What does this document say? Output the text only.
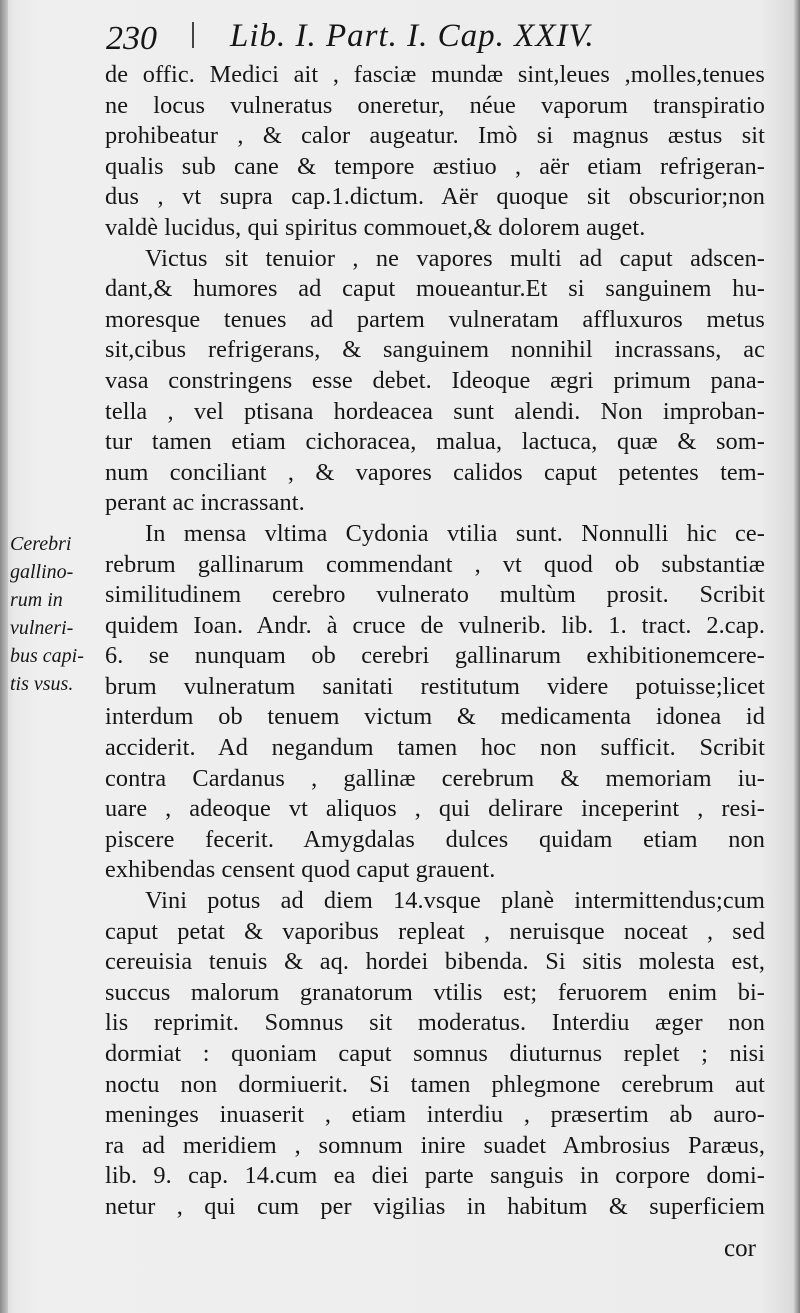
230 Lib. I. Part. I. Cap. XXIV.
Cerebri
gallino-
rum in
vulneri-
bus capi-
tis vsus.
de offic. Medici ait , fasciæ mundæ sint,leues ,molles,tenues
ne locus vulneratus oneretur, néue vaporum transpiratio
prohibeatur , & calor augeatur. Imò si magnus æstus sit
qualis sub cane & tempore æstiuo , aër etiam refrigeran-
dus , vt supra cap.1.dictum. Aër quoque sit obscurior;non
valdè lucidus, qui spiritus commouet,& dolorem auget.
Victus sit tenuior , ne vapores multi ad caput adscen-
dant,& humores ad caput moueantur.Et si sanguinem hu-
moresque tenues ad partem vulneratam affluxuros metus
sit,cibus refrigerans, & sanguinem nonnihil incrassans, ac
vasa constringens esse debet. Ideoque ægri primum pana-
tella , vel ptisana hordeacea sunt alendi. Non improban-
tur tamen etiam cichoracea, malua, lactuca, quæ & som-
num conciliant , & vapores calidos caput petentes tem-
perant ac incrassant.
In mensa vltima Cydonia vtilia sunt. Nonnulli hic ce-
rebrum gallinarum commendant , vt quod ob substantiæ
similitudinem cerebro vulnerato multùm prosit. Scribit
quidem Ioan. Andr. à cruce de vulnerib. lib. 1. tract. 2.cap.
6. se nunquam ob cerebri gallinarum exhibitionemcere-
brum vulneratum sanitati restitutum videre potuisse;licet
interdum ob tenuem victum & medicamenta idonea id
acciderit. Ad negandum tamen hoc non sufficit. Scribit
contra Cardanus , gallinæ cerebrum & memoriam iu-
uare , adeoque vt aliquos , qui delirare inceperint , resi-
piscere fecerit. Amygdalas dulces quidam etiam non
exhibendas censent quod caput grauent.
Vini potus ad diem 14.vsque planè intermittendus;cum
caput petat & vaporibus repleat , neruisque noceat , sed
cereuisia tenuis & aq. hordei bibenda. Si sitis molesta est,
succus malorum granatorum vtilis est; feruorem enim bi-
lis reprimit. Somnus sit moderatus. Interdiu æger non
dormiat : quoniam caput somnus diuturnus replet ; nisi
noctu non dormiuerit. Si tamen phlegmone cerebrum aut
meninges inuaserit , etiam interdiu , præsertim ab auro-
ra ad meridiem , somnum inire suadet Ambrosius Paræus,
lib. 9. cap. 14.cum ea diei parte sanguis in corpore domi-
netur , qui cum per vigilias in habitum & superficiem
cor
